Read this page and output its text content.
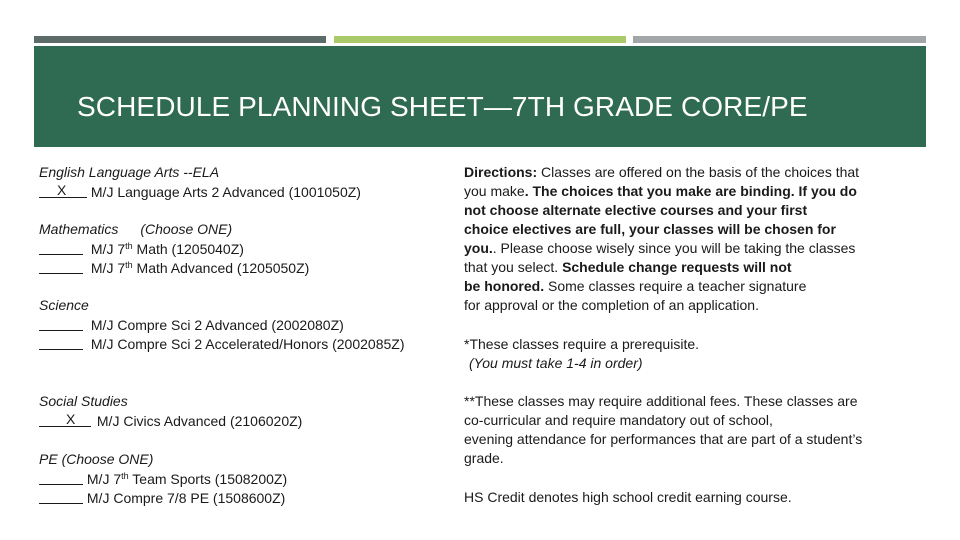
SCHEDULE PLANNING SHEET—7TH GRADE CORE/PE
English Language Arts --ELA
X M/J Language Arts 2 Advanced (1001050Z)
Mathematics (Choose ONE)
M/J 7th Math (1205040Z)
M/J 7th Math Advanced (1205050Z)
Science
M/J Compre Sci 2 Advanced (2002080Z)
M/J Compre Sci 2 Accelerated/Honors (2002085Z)
Social Studies
X M/J Civics Advanced (2106020Z)
PE (Choose ONE)
M/J 7th Team Sports (1508200Z)
M/J Compre 7/8 PE (1508600Z)
Directions: Classes are offered on the basis of the choices that
you make. The choices that you make are binding. If you do
not choose alternate elective courses and your first
choice electives are full, your classes will be chosen for
you.. Please choose wisely since you will be taking the classes
that you select. Schedule change requests will not
be honored. Some classes require a teacher signature
for approval or the completion of an application.
*These classes require a prerequisite.
(You must take 1-4 in order)
**These classes may require additional fees. These classes are
co-curricular and require mandatory out of school,
evening attendance for performances that are part of a student’s
grade.
HS Credit denotes high school credit earning course.
